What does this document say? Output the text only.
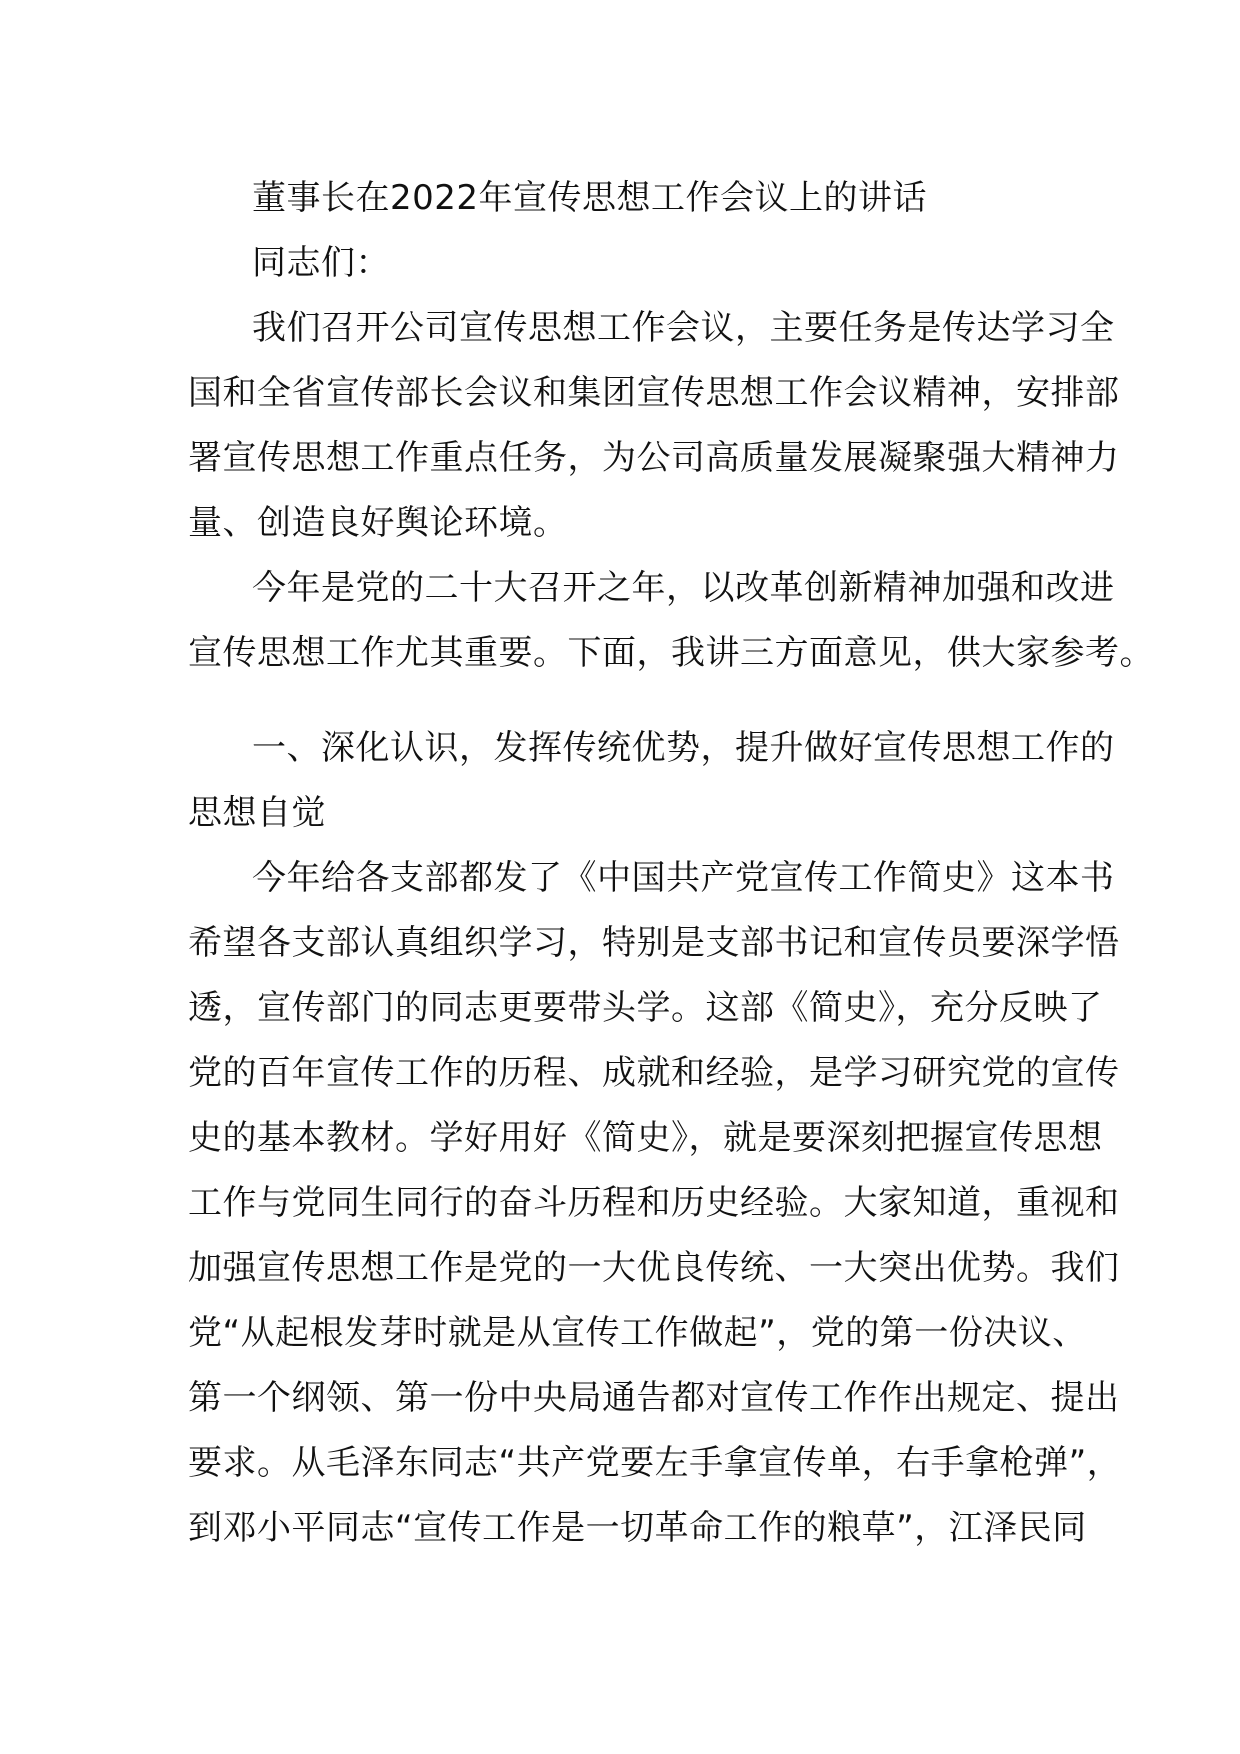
董事长在2022年宣传思想工作会议上的讲话
同志们：
我们召开公司宣传思想工作会议，主要任务是传达学习全
国和全省宣传部长会议和集团宣传思想工作会议精神，安排部
署宣传思想工作重点任务，为公司高质量发展凝聚强大精神力
量、创造良好舆论环境。
今年是党的二十大召开之年，以改革创新精神加强和改进
宣传思想工作尤其重要。下面，我讲三方面意见，供大家参考。
一、深化认识，发挥传统优势，提升做好宣传思想工作的
思想自觉
今年给各支部都发了《中国共产党宣传工作简史》这本书
希望各支部认真组织学习，特别是支部书记和宣传员要深学悟
透，宣传部门的同志更要带头学。这部《简史》，充分反映了
党的百年宣传工作的历程、成就和经验，是学习研究党的宣传
史的基本教材。学好用好《简史》，就是要深刻把握宣传思想
工作与党同生同行的奋斗历程和历史经验。大家知道，重视和
加强宣传思想工作是党的一大优良传统、一大突出优势。我们
党“从起根发芽时就是从宣传工作做起”，党的第一份决议、
第一个纲领、第一份中央局通告都对宣传工作作出规定、提出
要求。从毛泽东同志“共产党要左手拿宣传单，右手拿枪弹”，
到邓小平同志“宣传工作是一切革命工作的粮草”，江泽民同
